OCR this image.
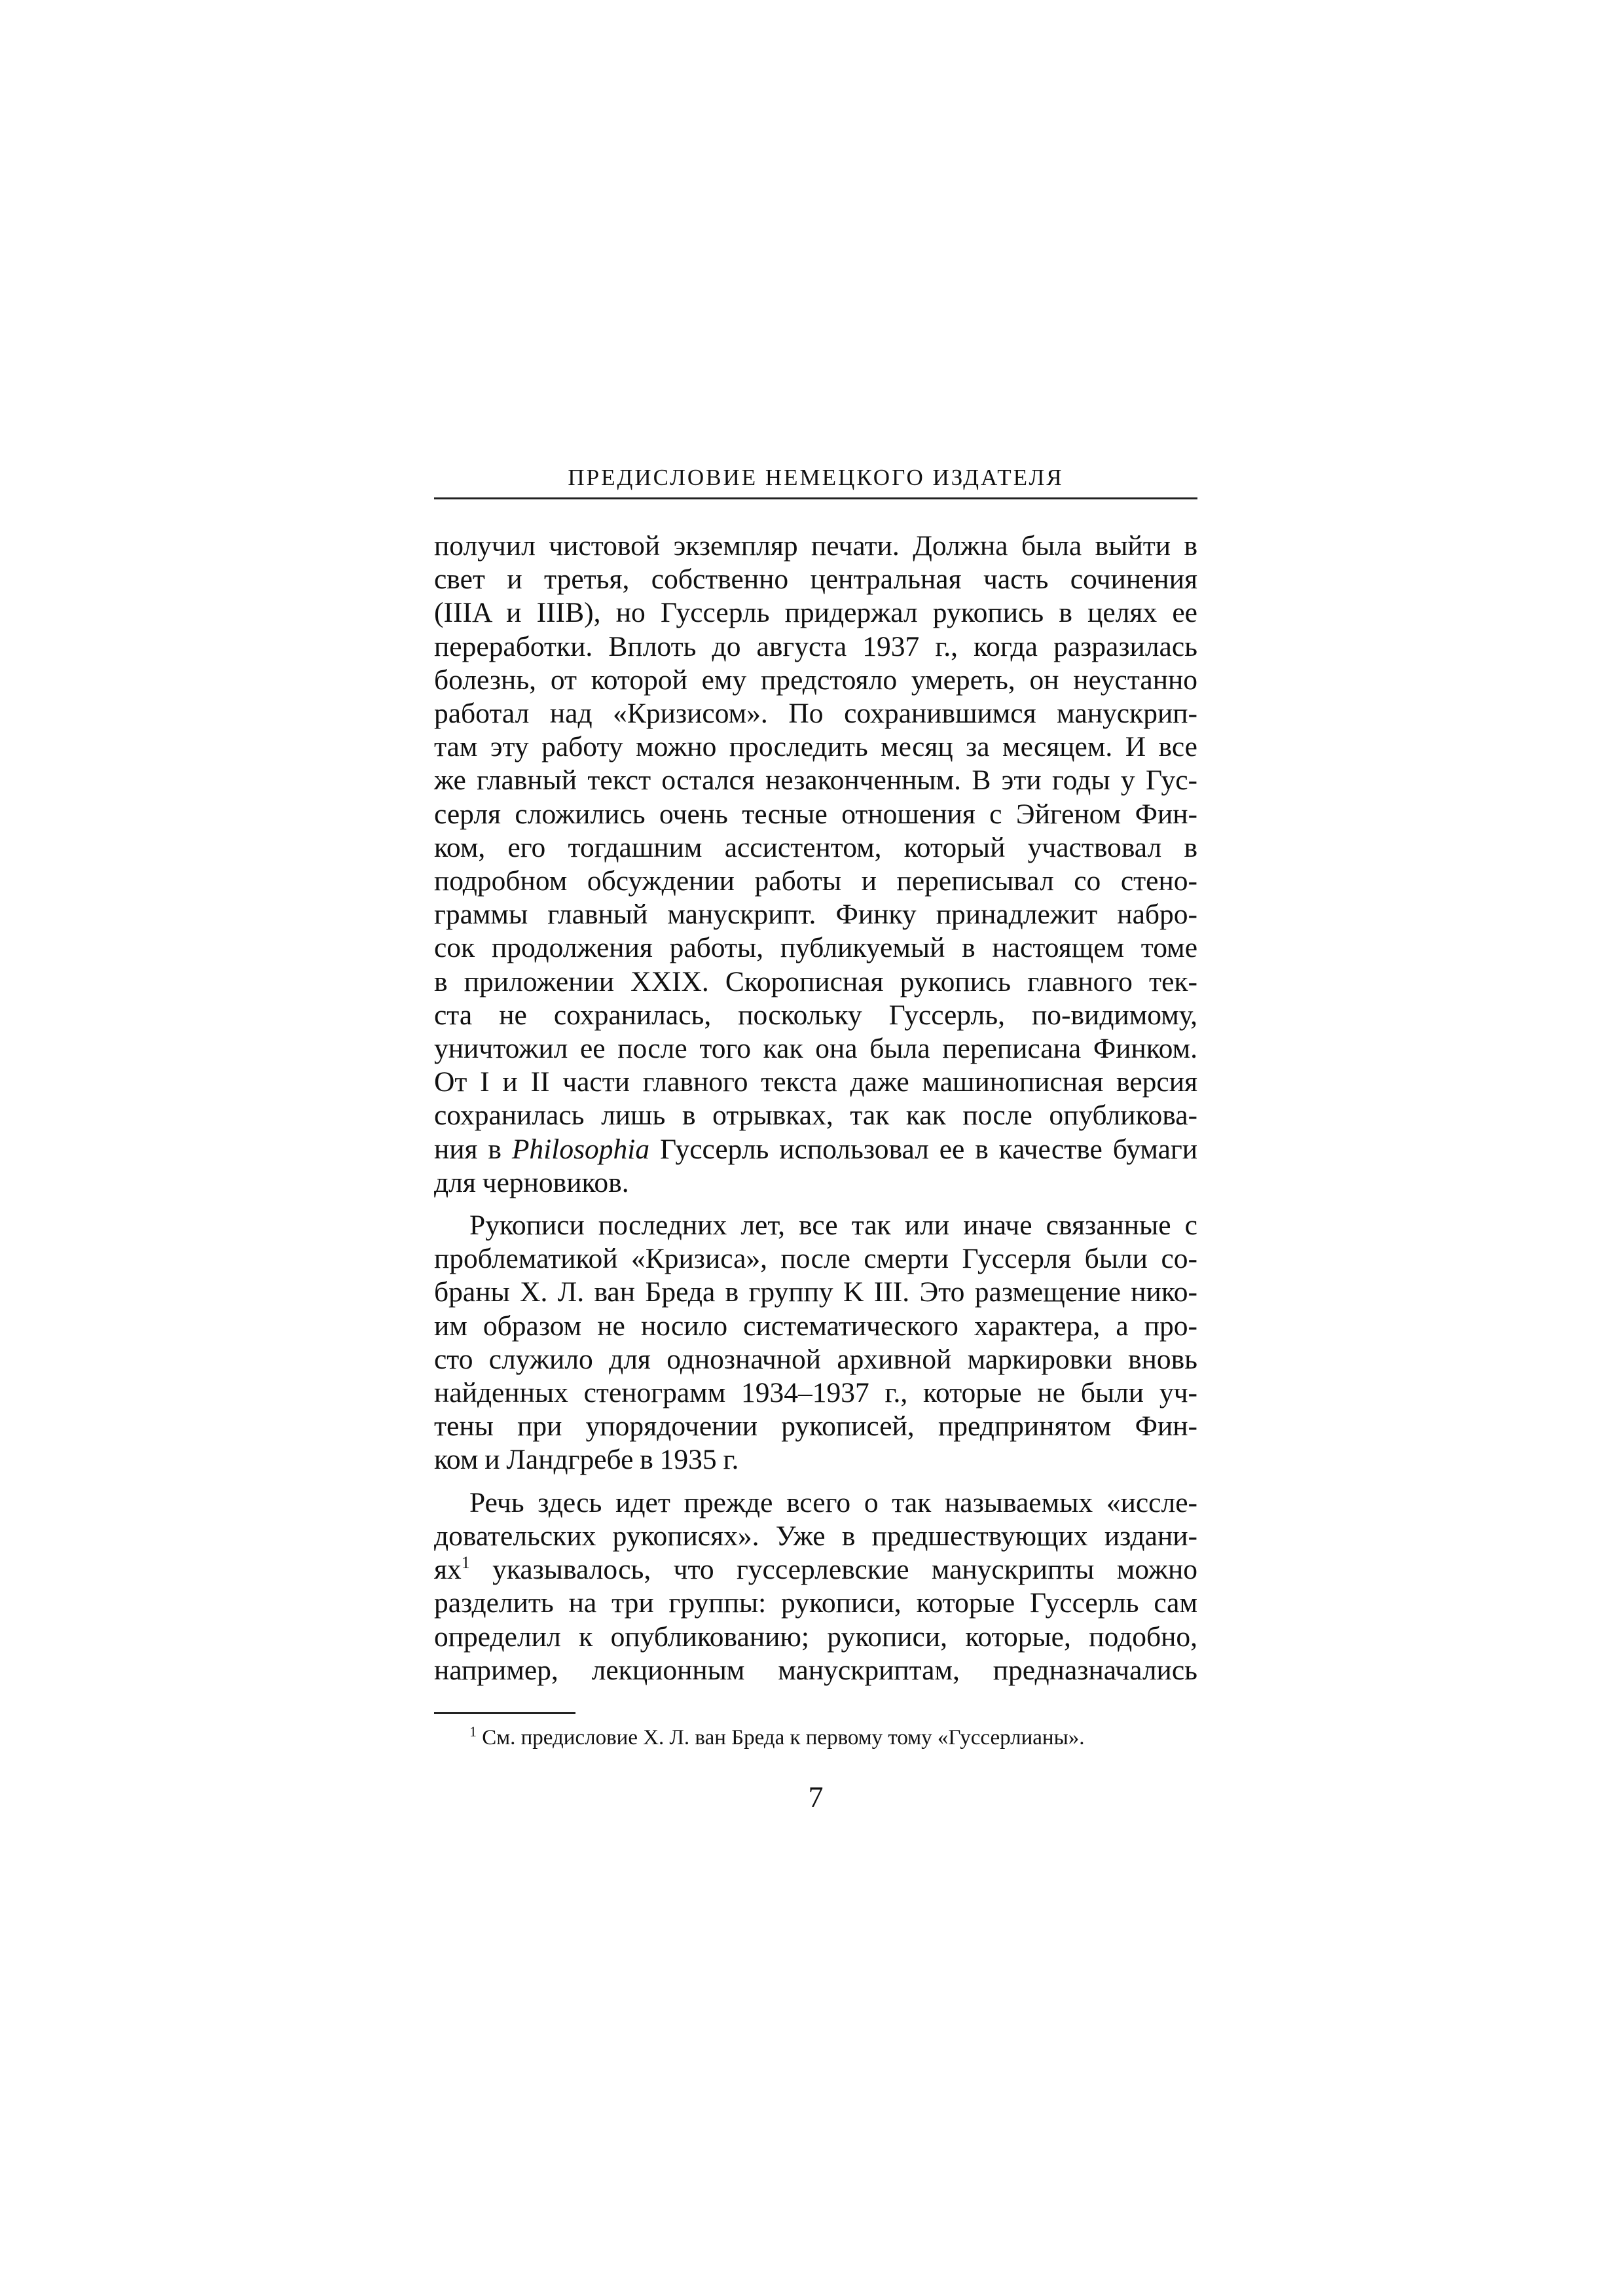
ПРЕДИСЛОВИЕ НЕМЕЦКОГО ИЗДАТЕЛЯ

получил чистовой экземпляр печати. Должна была выйти в
свет и третья, собственно центральная часть сочинения
(IIIA и IIIB), но Гуссерль придержал рукопись в целях ее
переработки. Вплоть до августа 1937 г., когда разразилась
болезнь, от которой ему предстояло умереть, он неустанно
работал над «Кризисом». По сохранившимся манускрип-
там эту работу можно проследить месяц за месяцем. И все
же главный текст остался незаконченным. В эти годы у Гус-
серля сложились очень тесные отношения с Эйгеном Фин-
ком, его тогдашним ассистентом, который участвовал в
подробном обсуждении работы и переписывал со стено-
граммы главный манускрипт. Финку принадлежит набро-
сок продолжения работы, публикуемый в настоящем томе
в приложении XXIX. Скорописная рукопись главного тек-
ста не сохранилась, поскольку Гуссерль, по-видимому,
уничтожил ее после того как она была переписана Финком.
От I и II части главного текста даже машинописная версия
сохранилась лишь в отрывках, так как после опубликова-
ния в Philosophia Гуссерль использовал ее в качестве бумаги
для черновиков.

Рукописи последних лет, все так или иначе связанные с
проблематикой «Кризиса», после смерти Гуссерля были со-
браны Х. Л. ван Бреда в группу K III. Это размещение нико-
им образом не носило систематического характера, а про-
сто служило для однозначной архивной маркировки вновь
найденных стенограмм 1934–1937 г., которые не были уч-
тены при упорядочении рукописей, предпринятом Фин-
ком и Ландгребе в 1935 г.

Речь здесь идет прежде всего о так называемых «иссле-
довательских рукописях». Уже в предшествующих издани-
$ях^1$ указывалось, что гуссерлевские манускрипты можно
разделить на три группы: рукописи, которые Гуссерль сам
определил к опубликованию; рукописи, которые, подобно,
например, лекционным манускриптам, предназначались

$^1$ См. предисловие Х. Л. ван Бреда к первому тому «Гуссерлианы».
7
